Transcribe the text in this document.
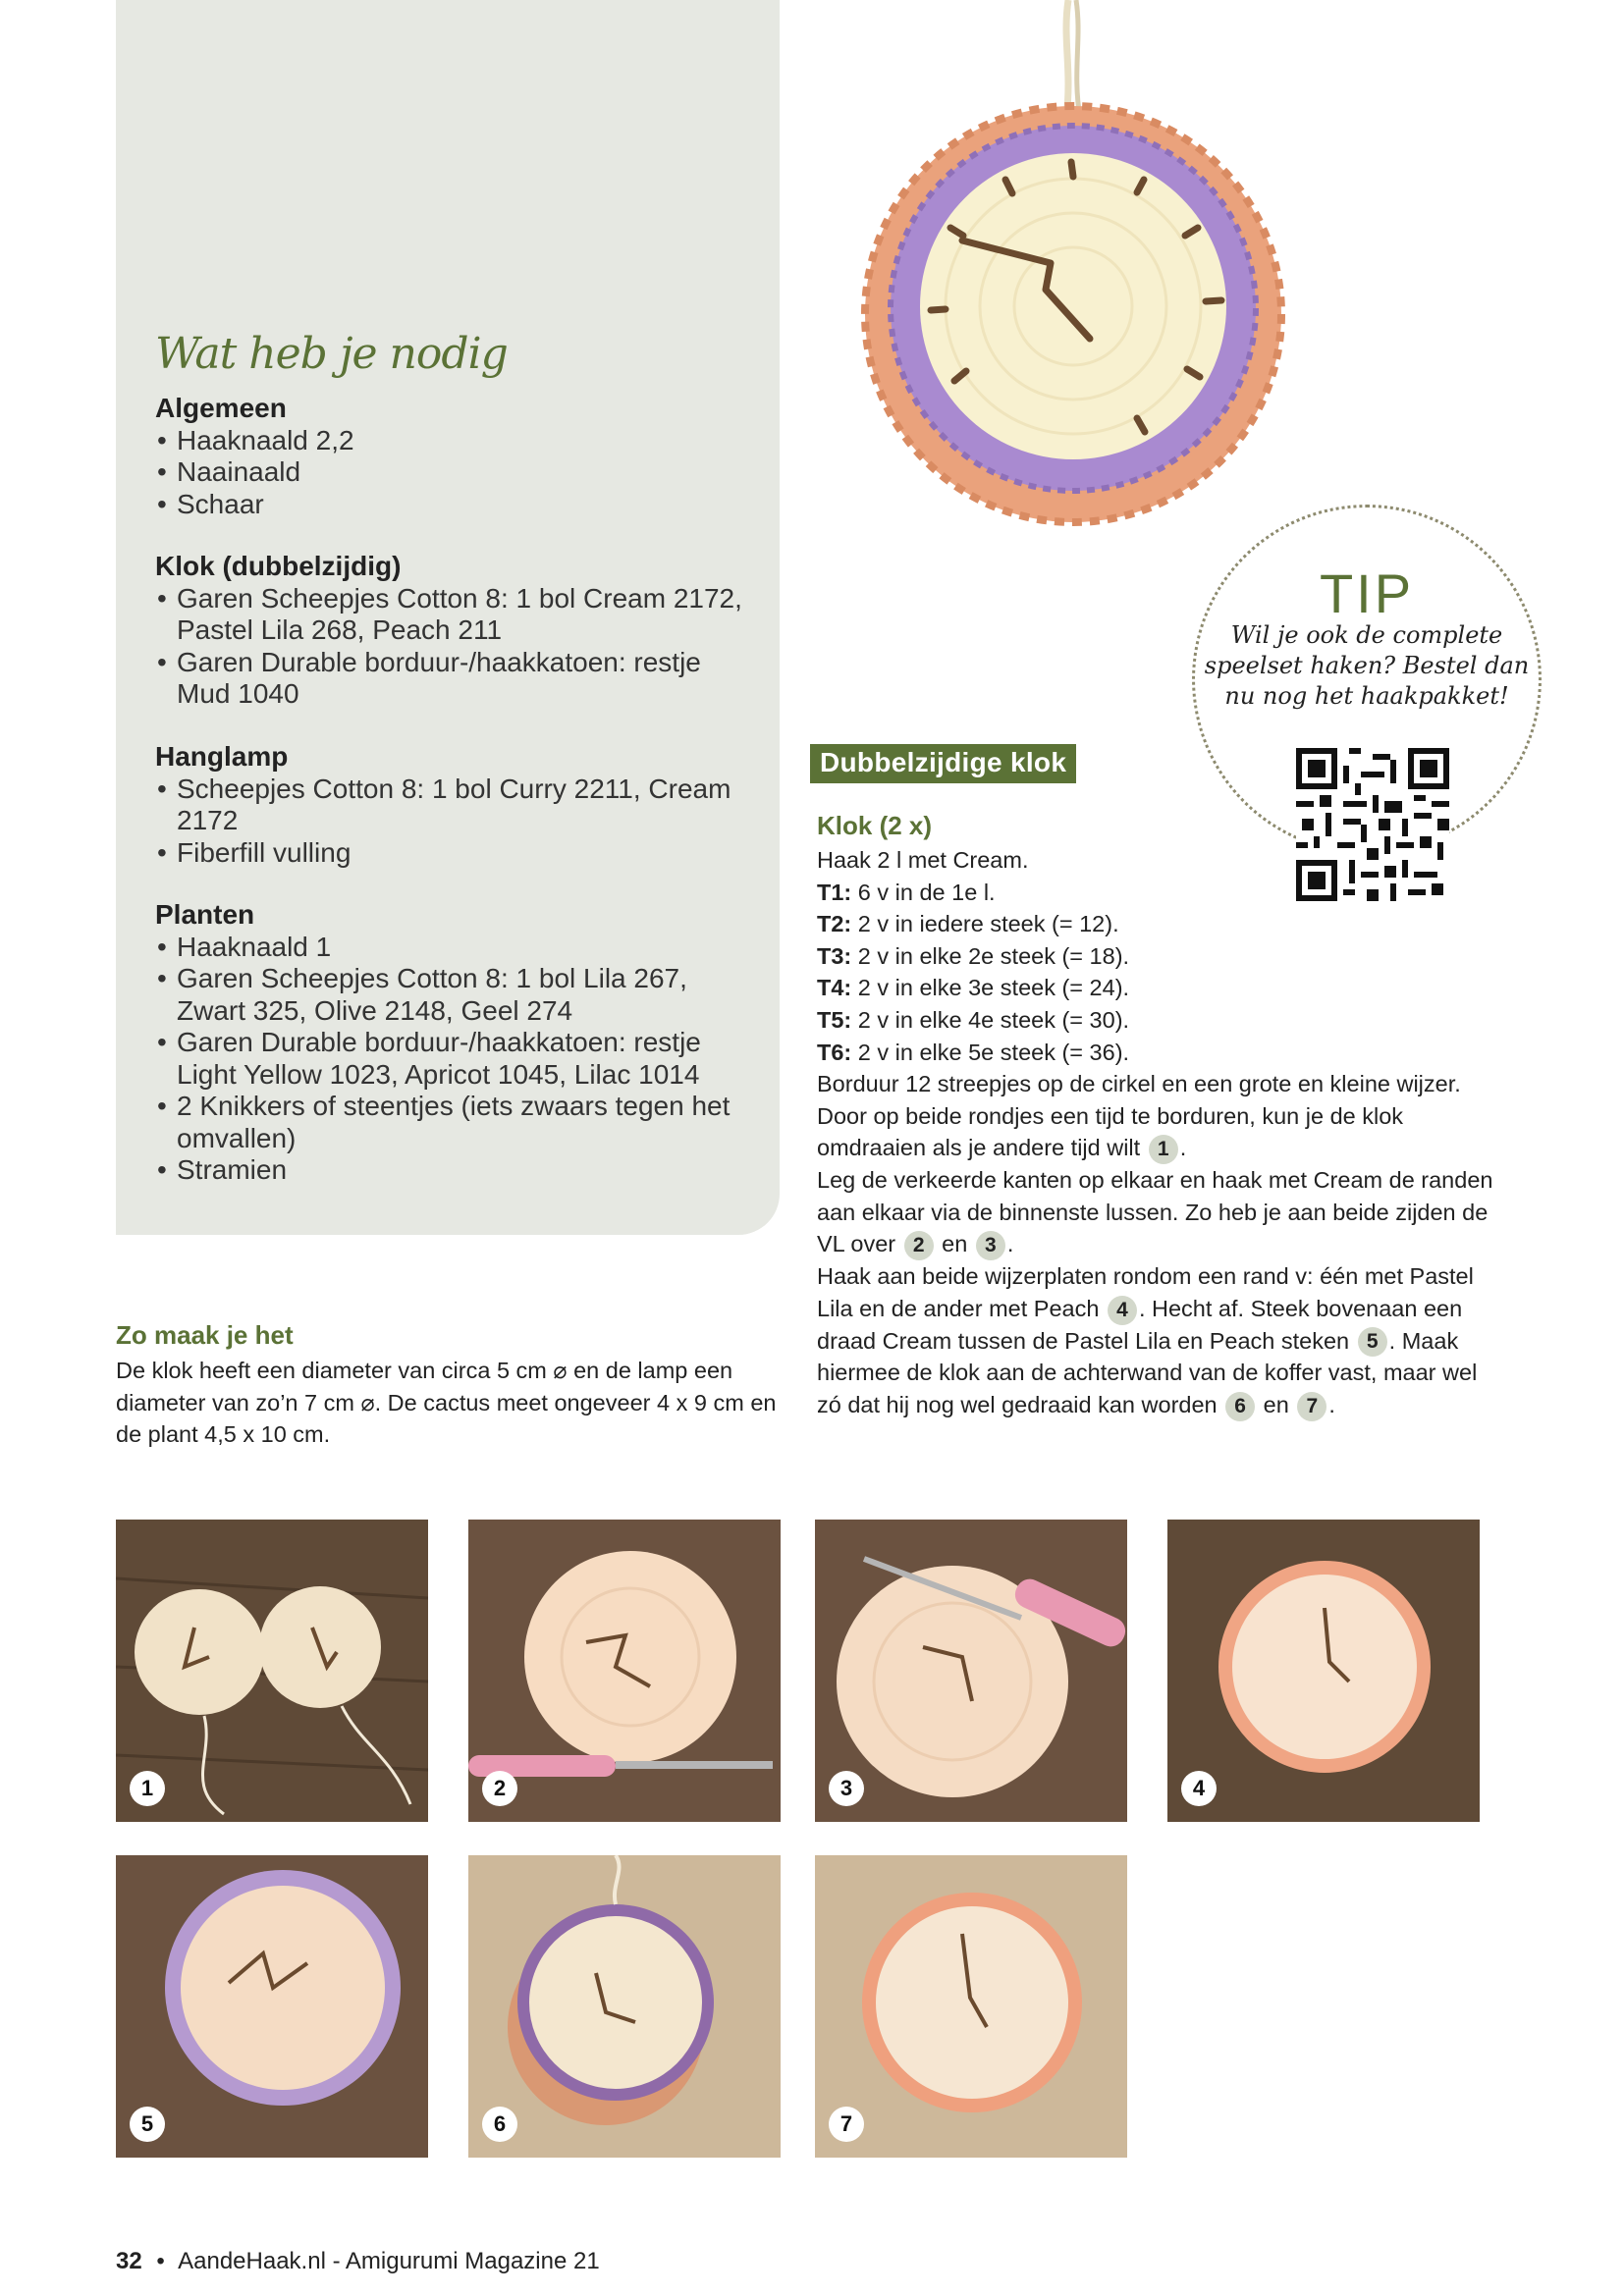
Wat heb je nodig
Algemeen
• Haaknaald 2,2
• Naainaald
• Schaar
Klok (dubbelzijdig)
• Garen Scheepjes Cotton 8: 1 bol Cream 2172, Pastel Lila 268, Peach 211
• Garen Durable borduur-/haakkatoen: restje Mud 1040
Hanglamp
• Scheepjes Cotton 8: 1 bol Curry 2211, Cream 2172
• Fiberfill vulling
Planten
• Haaknaald 1
• Garen Scheepjes Cotton 8: 1 bol Lila 267, Zwart 325, Olive 2148, Geel 274
• Garen Durable borduur-/haakkatoen: restje Light Yellow 1023, Apricot 1045, Lilac 1014
• 2 Knikkers of steentjes (iets zwaars tegen het omvallen)
• Stramien
Zo maak je het
De klok heeft een diameter van circa 5 cm ⌀ en de lamp een diameter van zo’n 7 cm ⌀. De cactus meet ongeveer 4 x 9 cm en de plant 4,5 x 10 cm.
TIP
Wil je ook de complete speelset haken? Bestel dan nu nog het haakpakket!
Dubbelzijdige klok
Klok (2 x)

Haak 2 l met Cream.

T1: 6 v in de 1e l.

T2: 2 v in iedere steek (= 12).

T3: 2 v in elke 2e steek (= 18).

T4: 2 v in elke 3e steek (= 24).

T5: 2 v in elke 4e steek (= 30).

T6: 2 v in elke 5e steek (= 36).

Borduur 12 streepjes op de cirkel en een grote en kleine wijzer. Door op beide rondjes een tijd te borduren, kun je de klok omdraaien als je andere tijd wilt 1 .

Leg de verkeerde kanten op elkaar en haak met Cream de randen aan elkaar via de binnenste lussen. Zo heb je aan beide zijden de VL over 2 en 3 .

Haak aan beide wijzerplaten rondom een rand v: één met Pastel Lila en de ander met Peach 4 . Hecht af. Steek bovenaan een draad Cream tussen de Pastel Lila en Peach steken 5 . Maak hiermee de klok aan de achterwand van de koffer vast, maar wel zó dat hij nog wel gedraaid kan worden 6 en 7 .

1	2	3	4
5	6	7
32 • AandeHaak.nl - Amigurumi Magazine 21
